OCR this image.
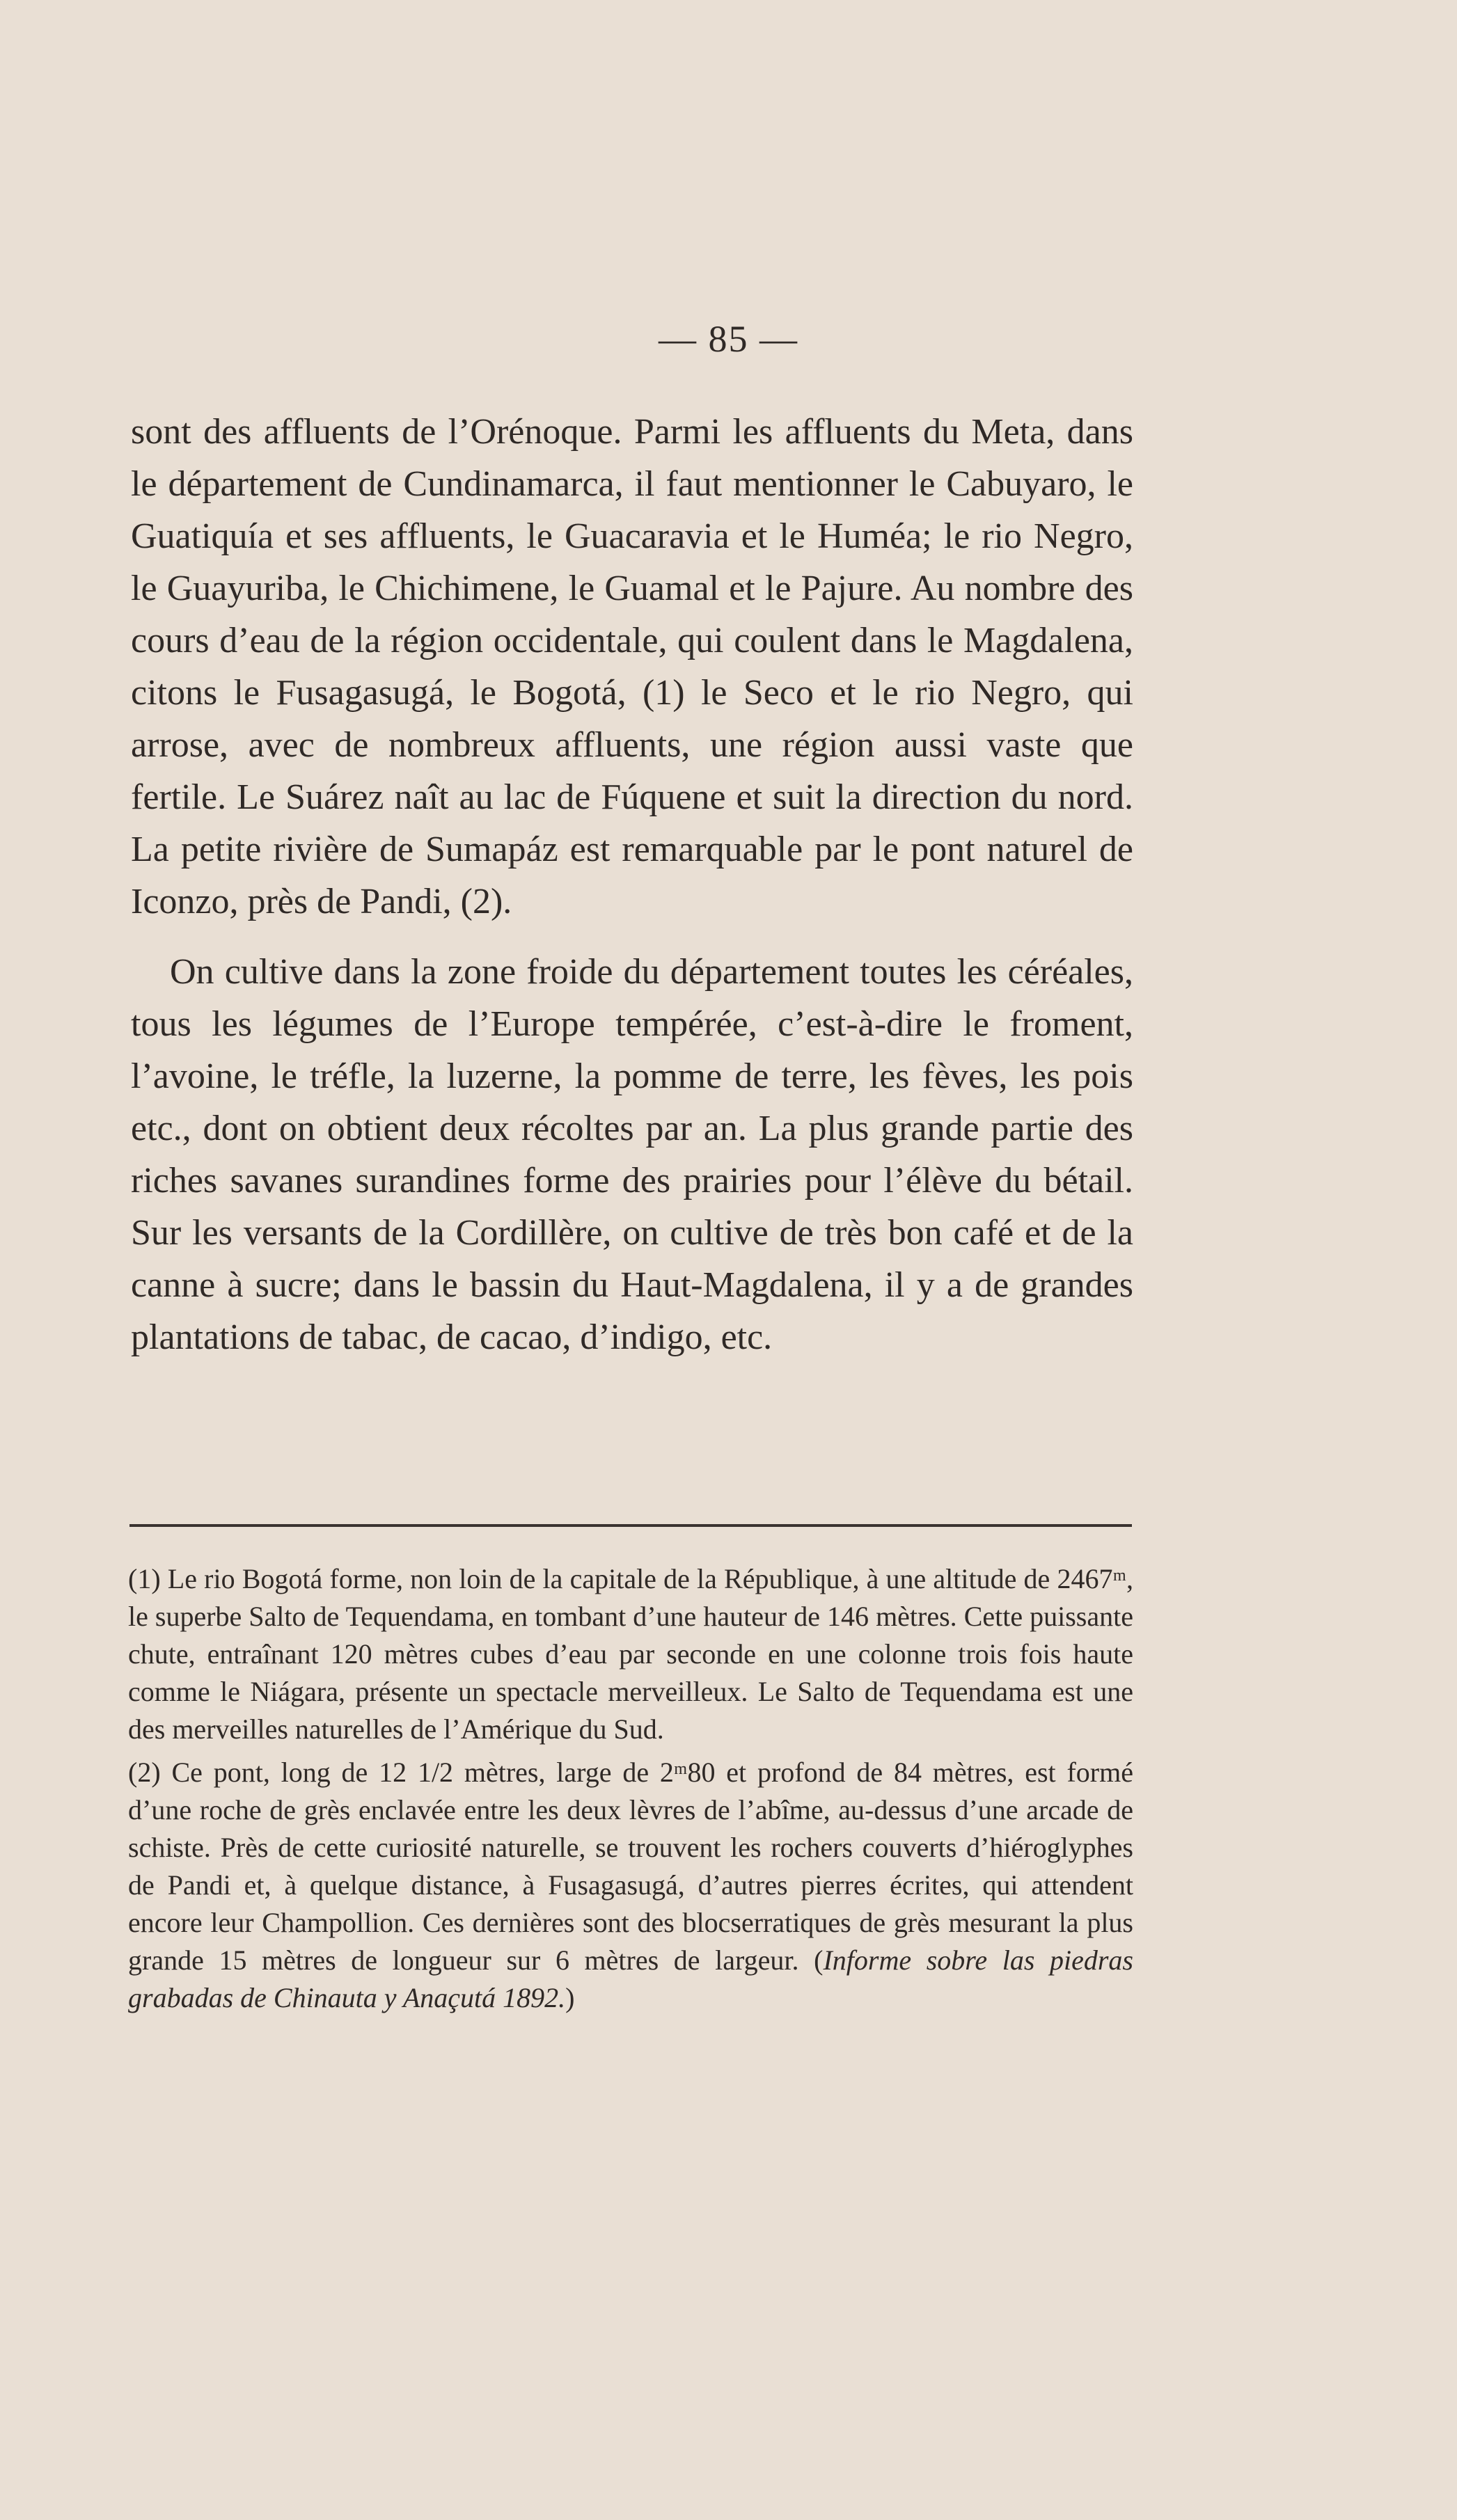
— 85 —

sont des affluents de l’Orénoque. Parmi les affluents du Meta, dans le département de Cundinamarca, il faut mentionner le Cabuyaro, le Guatiquía et ses affluents, le Guacaravia et le Huméa; le rio Negro, le Guayuriba, le Chichimene, le Guamal et le Pajure. Au nombre des cours d’eau de la région occidentale, qui coulent dans le Magdalena, citons le Fusagasugá, le Bogotá, (1) le Seco et le rio Negro, qui arrose, avec de nombreux affluents, une région aussi vaste que fertile. Le Suárez naît au lac de Fúquene et suit la direction du nord. La petite rivière de Sumapáz est remarquable par le pont naturel de Iconzo, près de Pandi, (2).

On cultive dans la zone froide du département toutes les céréales, tous les légumes de l’Europe tempérée, c’est-à-dire le froment, l’avoine, le tréfle, la luzerne, la pomme de terre, les fèves, les pois etc., dont on obtient deux récoltes par an. La plus grande partie des riches savanes surandines forme des prairies pour l’élève du bétail. Sur les versants de la Cordillère, on cultive de très bon café et de la canne à sucre; dans le bassin du Haut-Magdalena, il y a de grandes plantations de tabac, de cacao, d’indigo, etc.

(1) Le rio Bogotá forme, non loin de la capitale de la République, à une altitude de 2467ᵐ, le superbe Salto de Tequendama, en tombant d’une hauteur de 146 mètres. Cette puissante chute, entraînant 120 mètres cubes d’eau par seconde en une colonne trois fois haute comme le Niágara, présente un spectacle merveilleux. Le Salto de Tequendama est une des merveilles naturelles de l’Amérique du Sud.

(2) Ce pont, long de 12 1/2 mètres, large de 2ᵐ80 et profond de 84 mètres, est formé d’une roche de grès enclavée entre les deux lèvres de l’abîme, au-dessus d’une arcade de schiste. Près de cette curiosité naturelle, se trouvent les rochers couverts d’hiéroglyphes de Pandi et, à quelque distance, à Fusagasugá, d’autres pierres écrites, qui attendent encore leur Champollion. Ces dernières sont des blocserratiques de grès mesurant la plus grande 15 mètres de longueur sur 6 mètres de largeur. (Informe sobre las piedras grabadas de Chinauta y Anaçutá 1892.)
